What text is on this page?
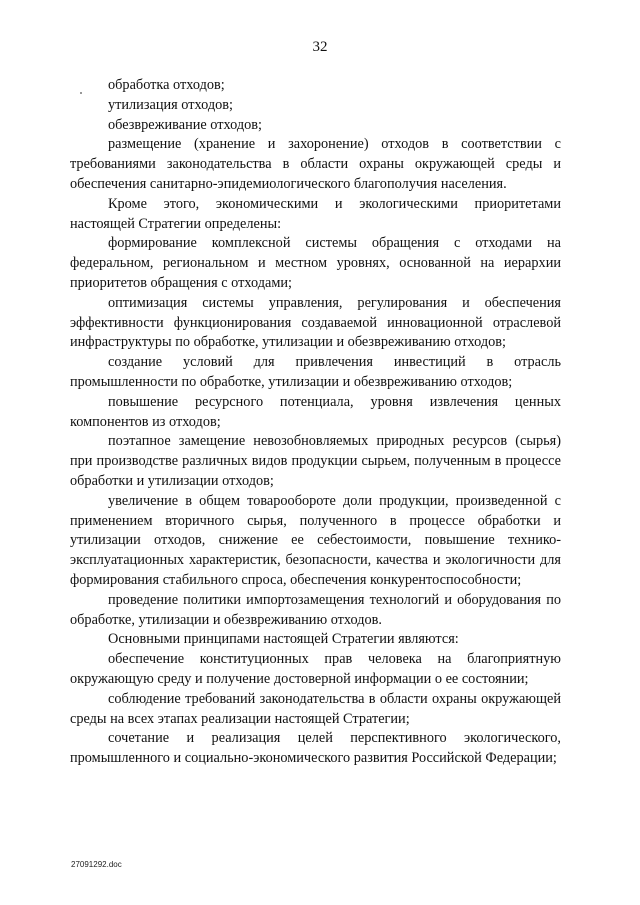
32

обработка отходов;

утилизация отходов;

обезвреживание отходов;

размещение (хранение и захоронение) отходов в соответствии с требованиями законодательства в области охраны окружающей среды и обеспечения санитарно-эпидемиологического благополучия населения.

Кроме этого, экономическими и экологическими приоритетами настоящей Стратегии определены:

формирование комплексной системы обращения с отходами на федеральном, региональном и местном уровнях, основанной на иерархии приоритетов обращения с отходами;

оптимизация системы управления, регулирования и обеспечения эффективности функционирования создаваемой инновационной отраслевой инфраструктуры по обработке, утилизации и обезвреживанию отходов;

создание условий для привлечения инвестиций в отрасль промышленности по обработке, утилизации и обезвреживанию отходов;

повышение ресурсного потенциала, уровня извлечения ценных компонентов из отходов;

поэтапное замещение невозобновляемых природных ресурсов (сырья) при производстве различных видов продукции сырьем, полученным в процессе обработки и утилизации отходов;

увеличение в общем товарообороте доли продукции, произведенной с применением вторичного сырья, полученного в процессе обработки и утилизации отходов, снижение ее себестоимости, повышение технико-эксплуатационных характеристик, безопасности, качества и экологичности для формирования стабильного спроса, обеспечения конкурентоспособности;

проведение политики импортозамещения технологий и оборудования по обработке, утилизации и обезвреживанию отходов.

Основными принципами настоящей Стратегии являются:

обеспечение конституционных прав человека на благоприятную окружающую среду и получение достоверной информации о ее состоянии;

соблюдение требований законодательства в области охраны окружающей среды на всех этапах реализации настоящей Стратегии;

сочетание и реализация целей перспективного экологического, промышленного и социально-экономического развития Российской Федерации;

27091292.doc
